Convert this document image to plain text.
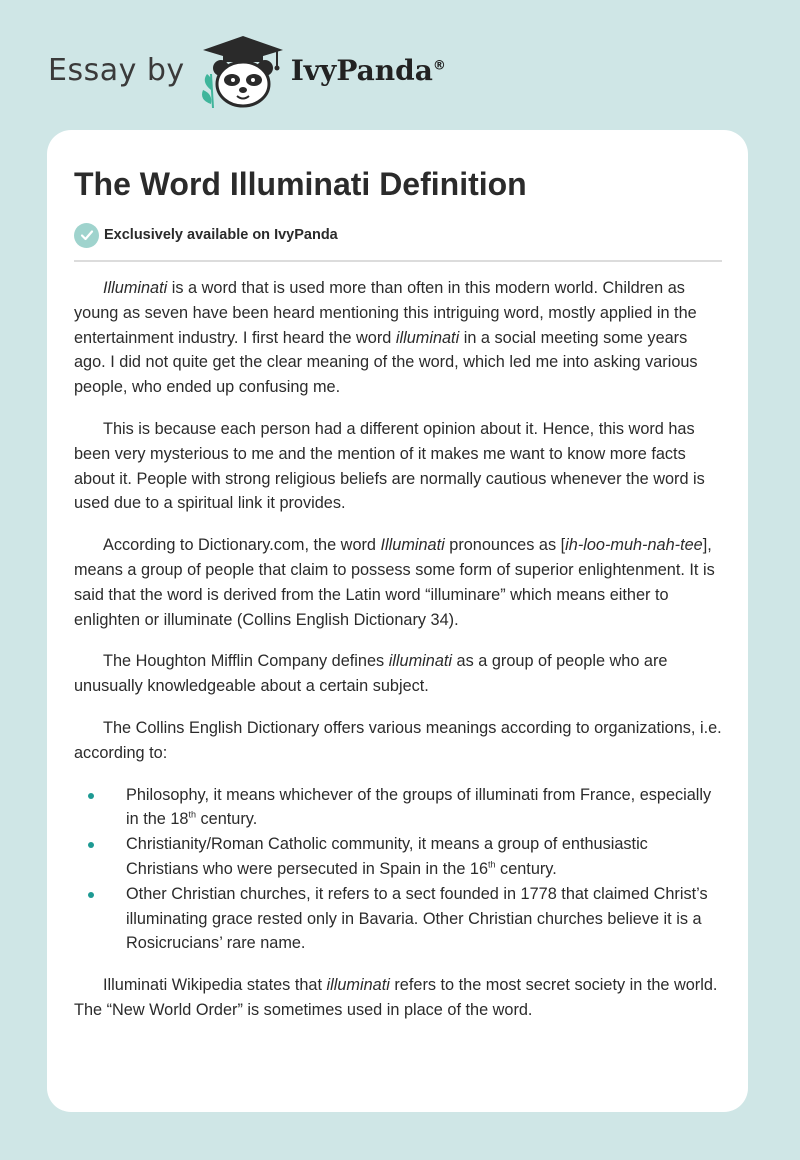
Essay by	IvyPanda®
The Word Illuminati Definition
Exclusively available on IvyPanda

Illuminati is a word that is used more than often in this modern world. Children as young as seven have been heard mentioning this intriguing word, mostly applied in the entertainment industry. I first heard the word illuminati in a social meeting some years ago. I did not quite get the clear meaning of the word, which led me into asking various people, who ended up confusing me.

This is because each person had a different opinion about it. Hence, this word has been very mysterious to me and the mention of it makes me want to know more facts about it. People with strong religious beliefs are normally cautious whenever the word is used due to a spiritual link it provides.

According to Dictionary.com, the word Illuminati pronounces as [ih-loo-muh-nah-tee], means a group of people that claim to possess some form of superior enlightenment. It is said that the word is derived from the Latin word “illuminare” which means either to enlighten or illuminate (Collins English Dictionary 34).

The Houghton Mifflin Company defines illuminati as a group of people who are unusually knowledgeable about a certain subject.

The Collins English Dictionary offers various meanings according to organizations, i.e. according to:

Philosophy, it means whichever of the groups of illuminati from France, especially in the 18th century.
Christianity/Roman Catholic community, it means a group of enthusiastic Christians who were persecuted in Spain in the 16th century.
Other Christian churches, it refers to a sect founded in 1778 that claimed Christ’s illuminating grace rested only in Bavaria. Other Christian churches believe it is a Rosicrucians’ rare name.

Illuminati Wikipedia states that illuminati refers to the most secret society in the world. The “New World Order” is sometimes used in place of the word.
